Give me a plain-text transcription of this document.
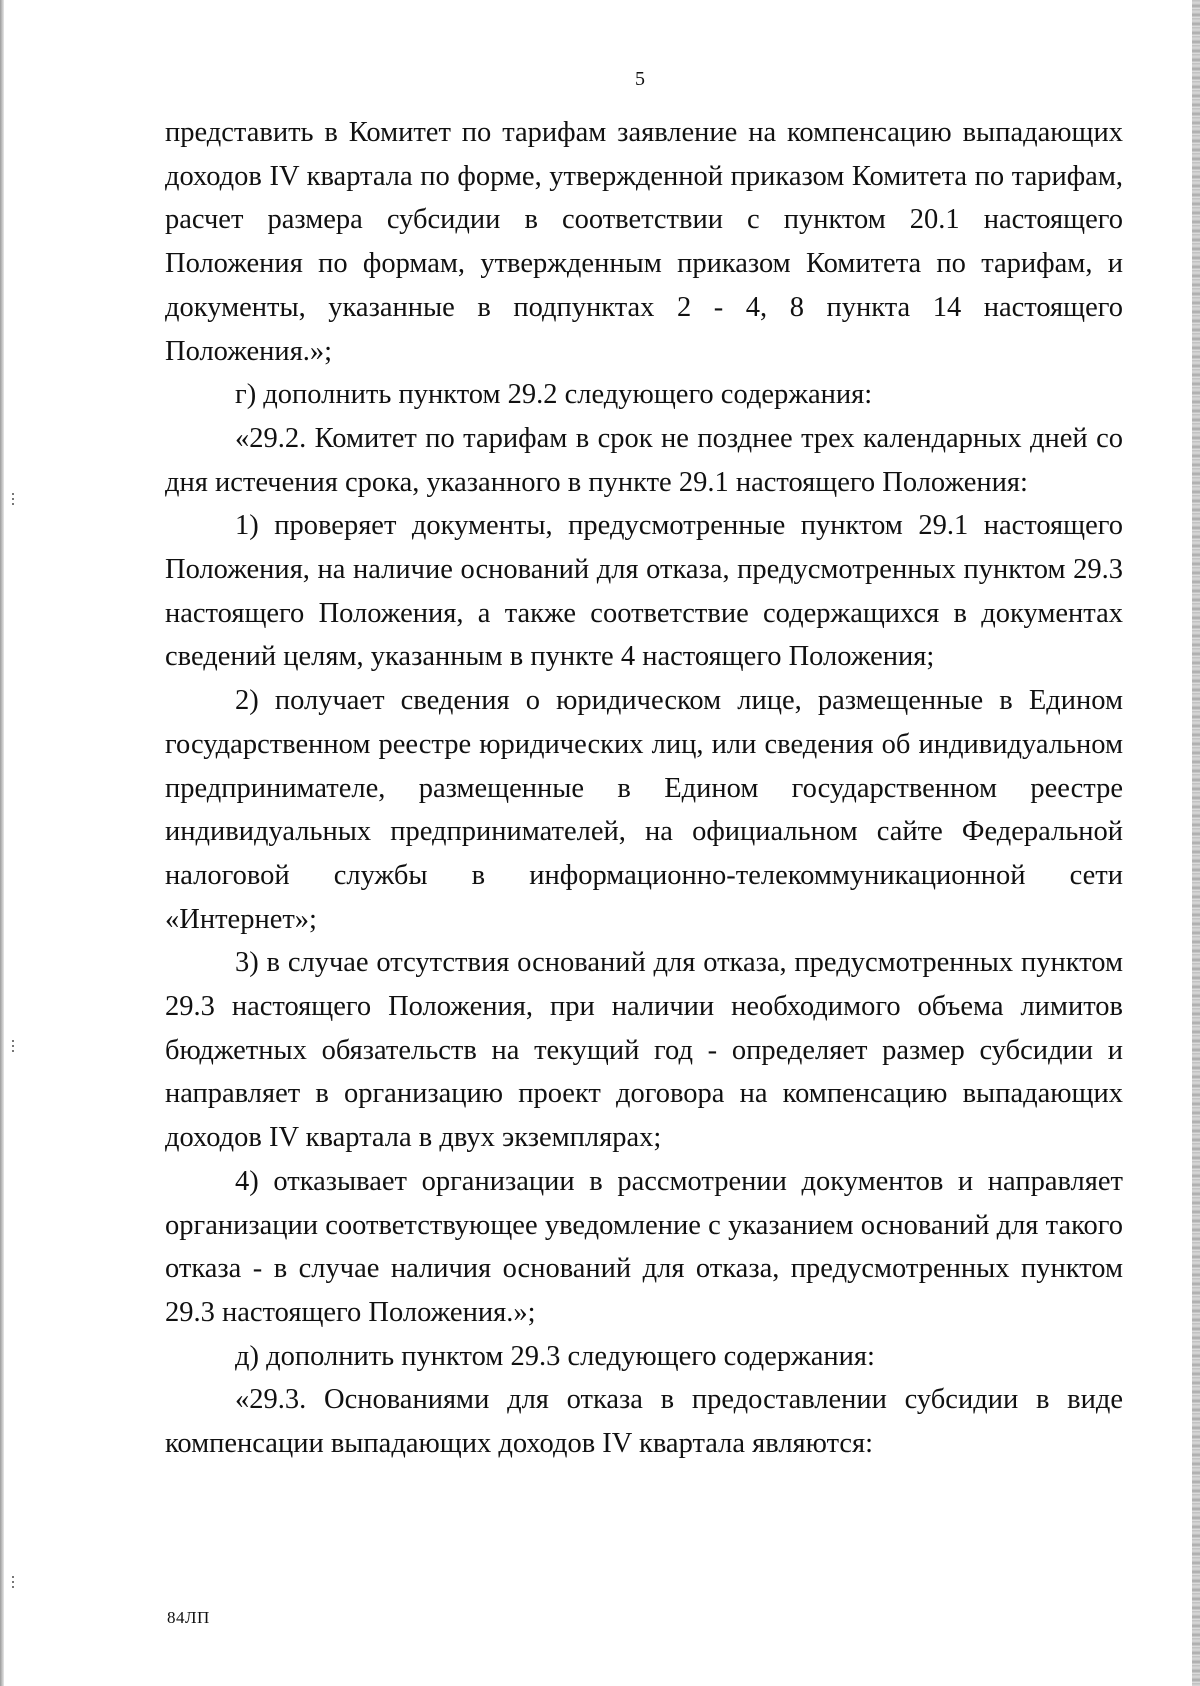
5

представить в Комитет по тарифам заявление на компенсацию выпадающих доходов IV квартала по форме, утвержденной приказом Комитета по тарифам, расчет размера субсидии в соответствии с пунктом 20.1 настоящего Положения по формам, утвержденным приказом Комитета по тарифам, и документы, указанные в подпунктах 2 - 4, 8 пункта 14 настоящего Положения.»;

г) дополнить пунктом 29.2 следующего содержания:

«29.2. Комитет по тарифам в срок не позднее трех календарных дней со дня истечения срока, указанного в пункте 29.1 настоящего Положения:

1) проверяет документы, предусмотренные пунктом 29.1 настоящего Положения, на наличие оснований для отказа, предусмотренных пунктом 29.3 настоящего Положения, а также соответствие содержащихся в документах сведений целям, указанным в пункте 4 настоящего Положения;

2) получает сведения о юридическом лице, размещенные в Едином государственном реестре юридических лиц, или сведения об индивидуальном предпринимателе, размещенные в Едином государственном реестре индивидуальных предпринимателей, на официальном сайте Федеральной налоговой службы в информационно-телекоммуникационной сети «Интернет»;

3) в случае отсутствия оснований для отказа, предусмотренных пунктом 29.3 настоящего Положения, при наличии необходимого объема лимитов бюджетных обязательств на текущий год - определяет размер субсидии и направляет в организацию проект договора на компенсацию выпадающих доходов IV квартала в двух экземплярах;

4) отказывает организации в рассмотрении документов и направляет организации соответствующее уведомление с указанием оснований для такого отказа - в случае наличия оснований для отказа, предусмотренных пунктом 29.3 настоящего Положения.»;

д) дополнить пунктом 29.3 следующего содержания:

«29.3. Основаниями для отказа в предоставлении субсидии в виде компенсации выпадающих доходов IV квартала являются:

84ЛП
